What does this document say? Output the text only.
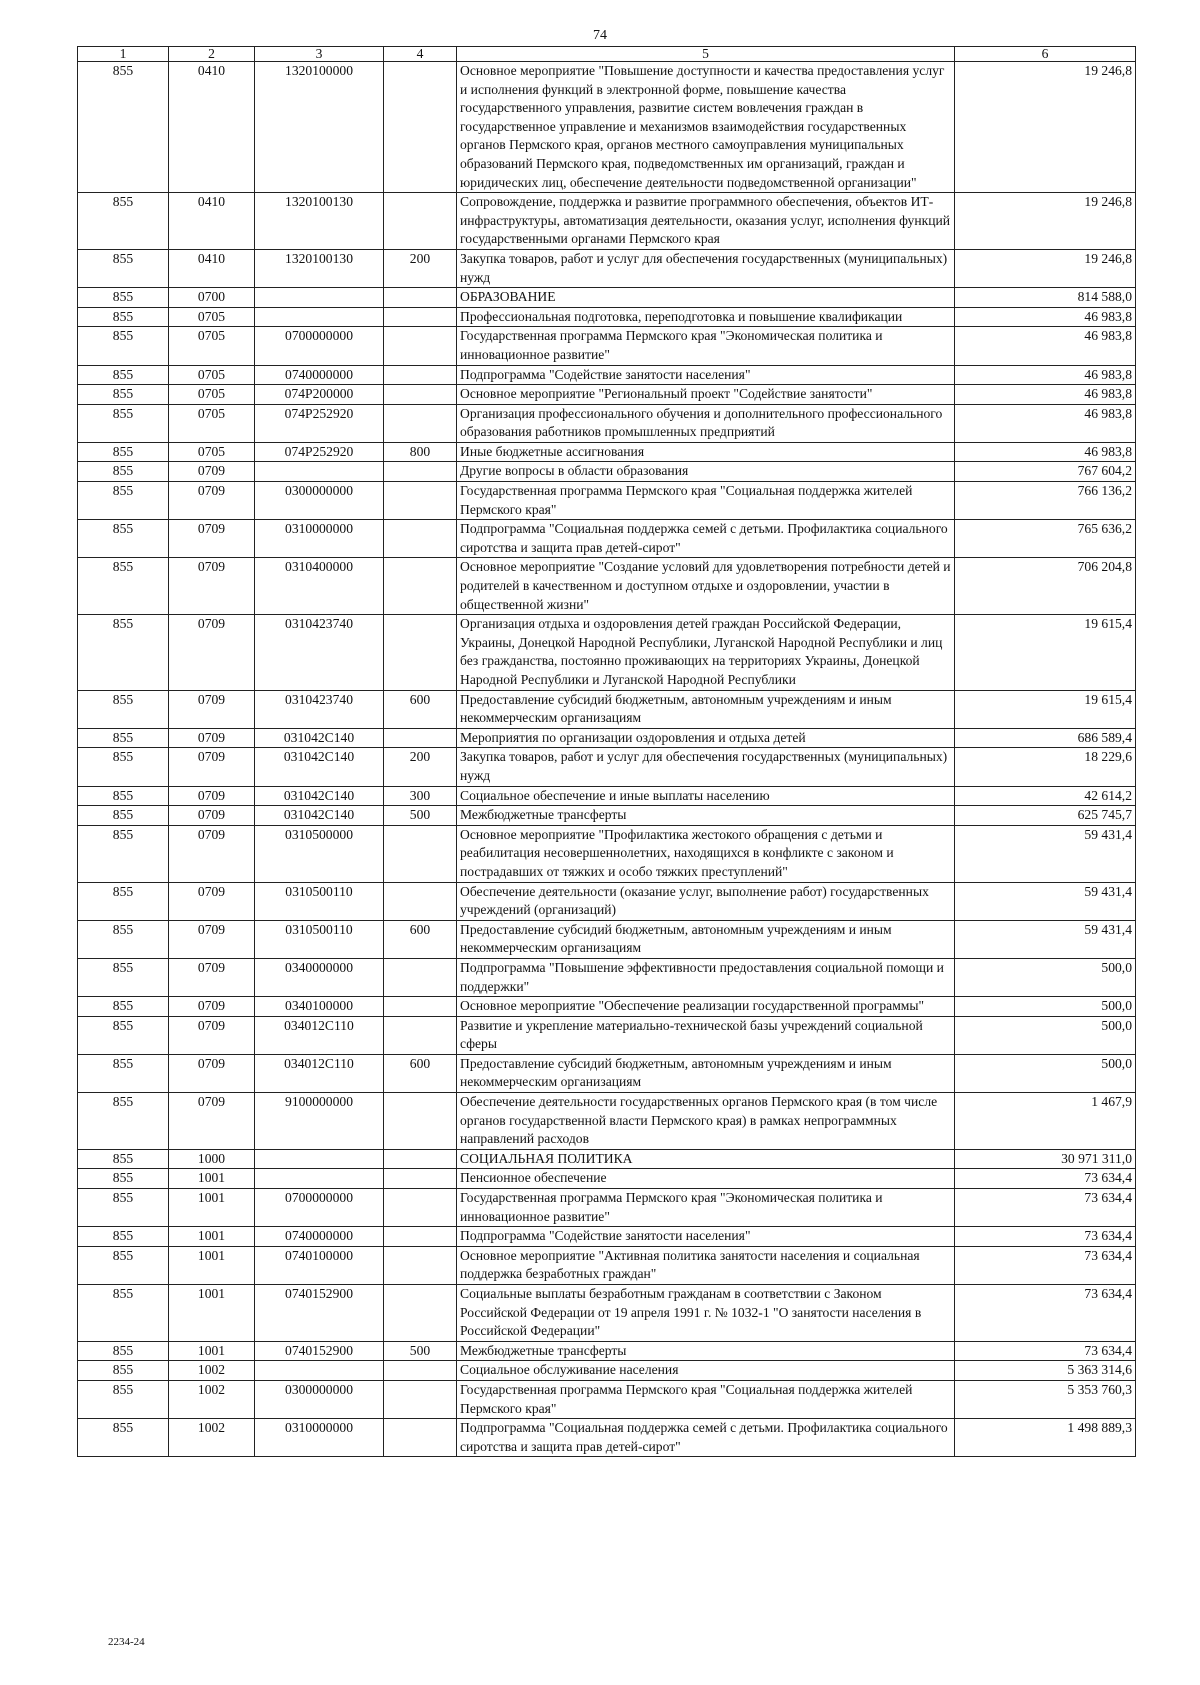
74
1	2	3	4	5	6
855	0410	1320100000		Основное мероприятие "Повышение доступности и качества предоставления услуг и исполнения функций в электронной форме, повышение качества государственного управления, развитие систем вовлечения граждан в государственное управление и механизмов взаимодействия государственных органов Пермского края, органов местного самоуправления муниципальных образований Пермского края, подведомственных им организаций, граждан и юридических лиц, обеспечение деятельности подведомственной организации"	19 246,8
855	0410	1320100130		Сопровождение, поддержка и развитие программного обеспечения, объектов ИТ-инфраструктуры, автоматизация деятельности, оказания услуг, исполнения функций государственными органами Пермского края	19 246,8
855	0410	1320100130	200	Закупка товаров, работ и услуг для обеспечения государственных (муниципальных) нужд	19 246,8
855	0700			ОБРАЗОВАНИЕ	814 588,0
855	0705			Профессиональная подготовка, переподготовка и повышение квалификации	46 983,8
855	0705	0700000000		Государственная программа Пермского края "Экономическая политика и инновационное развитие"	46 983,8
855	0705	0740000000		Подпрограмма "Содействие занятости населения"	46 983,8
855	0705	074P200000		Основное мероприятие "Региональный проект "Содействие занятости"	46 983,8
855	0705	074P252920		Организация профессионального обучения и дополнительного профессионального образования работников промышленных предприятий	46 983,8
855	0705	074P252920	800	Иные бюджетные ассигнования	46 983,8
855	0709			Другие вопросы в области образования	767 604,2
855	0709	0300000000		Государственная программа Пермского края "Социальная поддержка жителей Пермского края"	766 136,2
855	0709	0310000000		Подпрограмма "Социальная поддержка семей с детьми. Профилактика социального сиротства и защита прав детей-сирот"	765 636,2
855	0709	0310400000		Основное мероприятие "Создание условий для удовлетворения потребности детей и родителей в качественном и доступном отдыхе и оздоровлении, участии в общественной жизни"	706 204,8
855	0709	0310423740		Организация отдыха и оздоровления детей граждан Российской Федерации, Украины, Донецкой Народной Республики, Луганской Народной Республики и лиц без гражданства, постоянно проживающих на территориях Украины, Донецкой Народной Республики и Луганской Народной Республики	19 615,4
855	0709	0310423740	600	Предоставление субсидий бюджетным, автономным учреждениям и иным некоммерческим организациям	19 615,4
855	0709	031042С140		Мероприятия по организации оздоровления и отдыха детей	686 589,4
855	0709	031042С140	200	Закупка товаров, работ и услуг для обеспечения государственных (муниципальных) нужд	18 229,6
855	0709	031042С140	300	Социальное обеспечение и иные выплаты населению	42 614,2
855	0709	031042С140	500	Межбюджетные трансферты	625 745,7
855	0709	0310500000		Основное мероприятие "Профилактика жестокого обращения с детьми и реабилитация несовершеннолетних, находящихся в конфликте с законом и пострадавших от тяжких и особо тяжких преступлений"	59 431,4
855	0709	0310500110		Обеспечение деятельности (оказание услуг, выполнение работ) государственных учреждений (организаций)	59 431,4
855	0709	0310500110	600	Предоставление субсидий бюджетным, автономным учреждениям и иным некоммерческим организациям	59 431,4
855	0709	0340000000		Подпрограмма "Повышение эффективности предоставления социальной помощи и поддержки"	500,0
855	0709	0340100000		Основное мероприятие "Обеспечение реализации государственной программы"	500,0
855	0709	034012С110		Развитие и укрепление материально-технической базы учреждений социальной сферы	500,0
855	0709	034012С110	600	Предоставление субсидий бюджетным, автономным учреждениям и иным некоммерческим организациям	500,0
855	0709	9100000000		Обеспечение деятельности государственных органов Пермского края (в том числе органов государственной власти Пермского края) в рамках непрограммных направлений расходов	1 467,9
855	1000			СОЦИАЛЬНАЯ ПОЛИТИКА	30 971 311,0
855	1001			Пенсионное обеспечение	73 634,4
855	1001	0700000000		Государственная программа Пермского края "Экономическая политика и инновационное развитие"	73 634,4
855	1001	0740000000		Подпрограмма "Содействие занятости населения"	73 634,4
855	1001	0740100000		Основное мероприятие "Активная политика занятости населения и социальная поддержка безработных граждан"	73 634,4
855	1001	0740152900		Социальные выплаты безработным гражданам в соответствии с Законом Российской Федерации от 19 апреля 1991 г. № 1032-1 "О занятости населения в Российской Федерации"	73 634,4
855	1001	0740152900	500	Межбюджетные трансферты	73 634,4
855	1002			Социальное обслуживание населения	5 363 314,6
855	1002	0300000000		Государственная программа Пермского края "Социальная поддержка жителей Пермского края"	5 353 760,3
855	1002	0310000000		Подпрограмма "Социальная поддержка семей с детьми. Профилактика социального сиротства и защита прав детей-сирот"	1 498 889,3
2234-24
